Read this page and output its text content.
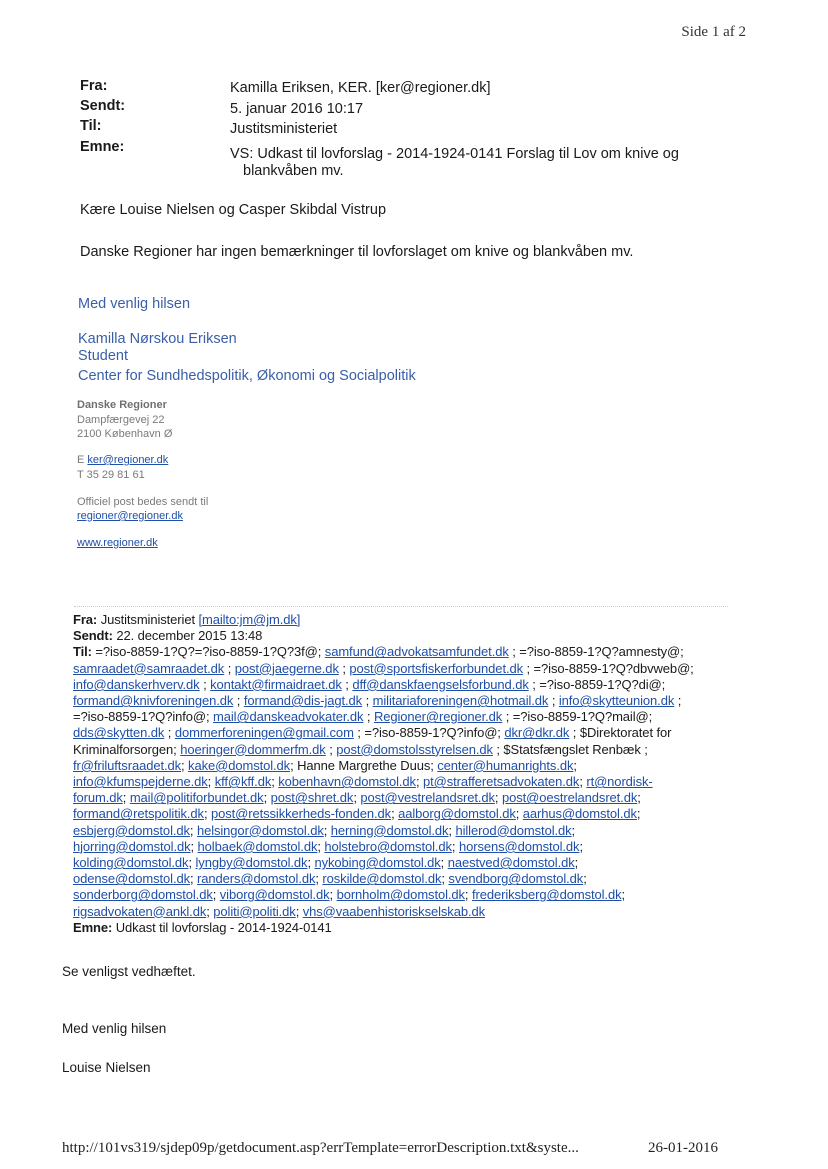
Side 1 af 2
Fra:	Kamilla Eriksen, KER. [ker@regioner.dk]
Sendt:	5. januar 2016 10:17
Til:	Justitsministeriet
Emne:	VS: Udkast til lovforslag - 2014-1924-0141 Forslag til Lov om knive og
blankvåben mv.
Kære Louise Nielsen og Casper Skibdal Vistrup
Danske Regioner har ingen bemærkninger til lovforslaget om knive og blankvåben mv.
Med venlig hilsen
Kamilla Nørskou Eriksen
Student
Center for Sundhedspolitik, Økonomi og Socialpolitik
Danske Regioner
Dampfærgevej 22
2100 København Ø
E ker@regioner.dk
T 35 29 81 61
Officiel post bedes sendt til
regioner@regioner.dk
www.regioner.dk
Fra: Justitsministeriet [mailto:jm@jm.dk]
Sendt: 22. december 2015 13:48
Til: =?iso-8859-1?Q?=?iso-8859-1?Q?3f@; samfund@advokatsamfundet.dk ; =?iso-8859-1?Q?amnesty@;
samraadet@samraadet.dk ; post@jaegerne.dk ; post@sportsfiskerforbundet.dk ; =?iso-8859-1?Q?dbvweb@;
info@danskerhverv.dk ; kontakt@firmaidraet.dk ; dff@danskfaengselsforbund.dk ; =?iso-8859-1?Q?di@;
formand@knivforeningen.dk ; formand@dis-jagt.dk ; militariaforeningen@hotmail.dk ; info@skytteunion.dk ;
=?iso-8859-1?Q?info@; mail@danskeadvokater.dk ; Regioner@regioner.dk ; =?iso-8859-1?Q?mail@;
dds@skytten.dk ; dommerforeningen@gmail.com ; =?iso-8859-1?Q?info@; dkr@dkr.dk ; $Direktoratet for
Kriminalforsorgen; hoeringer@dommerfm.dk ; post@domstolsstyrelsen.dk ; $Statsfængslet Renbæk ;
fr@friluftsraadet.dk; kake@domstol.dk; Hanne Margrethe Duus; center@humanrights.dk;
info@kfumspejderne.dk; kff@kff.dk; kobenhavn@domstol.dk; pt@strafferetsadvokaten.dk; rt@nordisk-
forum.dk; mail@politiforbundet.dk; post@shret.dk; post@vestrelandsret.dk; post@oestrelandsret.dk;
formand@retspolitik.dk; post@retssikkerheds-fonden.dk; aalborg@domstol.dk; aarhus@domstol.dk;
esbjerg@domstol.dk; helsingor@domstol.dk; herning@domstol.dk; hillerod@domstol.dk;
hjorring@domstol.dk; holbaek@domstol.dk; holstebro@domstol.dk; horsens@domstol.dk;
kolding@domstol.dk; lyngby@domstol.dk; nykobing@domstol.dk; naestved@domstol.dk;
odense@domstol.dk; randers@domstol.dk; roskilde@domstol.dk; svendborg@domstol.dk;
sonderborg@domstol.dk; viborg@domstol.dk; bornholm@domstol.dk; frederiksberg@domstol.dk;
rigsadvokaten@ankl.dk; politi@politi.dk; vhs@vaabenhistoriskselskab.dk
Emne: Udkast til lovforslag - 2014-1924-0141
Se venligst vedhæftet.
Med venlig hilsen
Louise Nielsen
http://101vs319/sjdep09p/getdocument.asp?errTemplate=errorDescription.txt&syste...	26-01-2016
